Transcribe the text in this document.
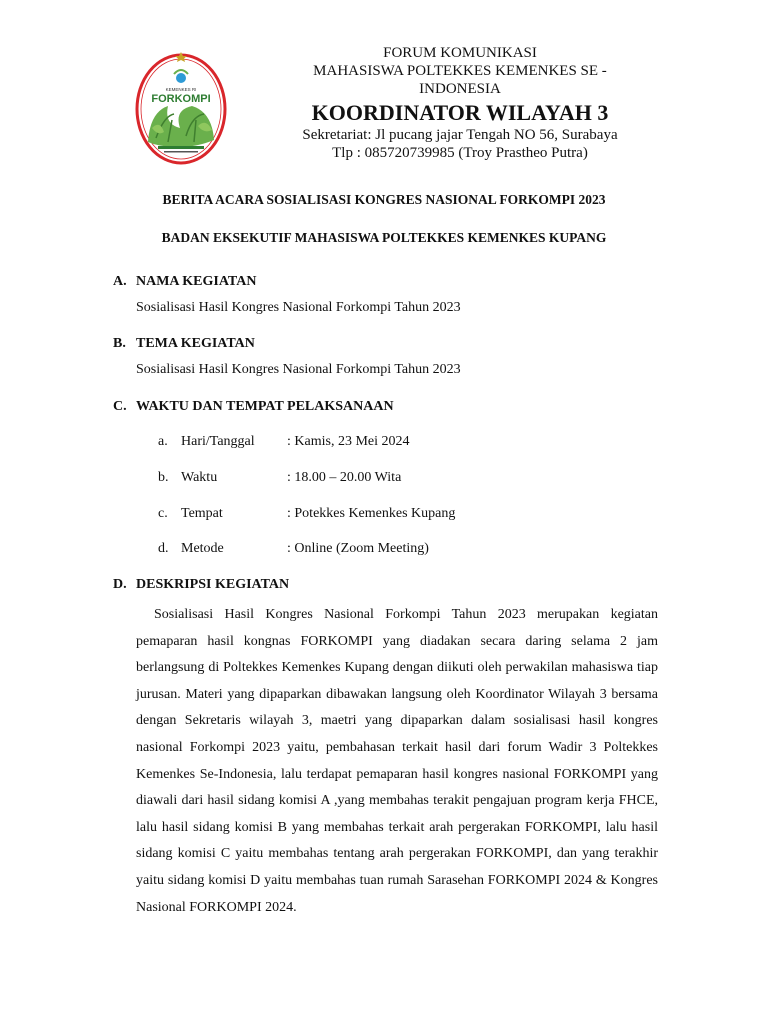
KEMENKES RI
FORKOMPI
FORUM KOMUNIKASI
MAHASISWA POLTEKKES KEMENKES SE -
INDONESIA
KOORDINATOR WILAYAH 3
Sekretariat: Jl pucang jajar Tengah NO 56, Surabaya
Tlp : 085720739985 (Troy Prastheo Putra)
BERITA ACARA SOSIALISASI KONGRES NASIONAL FORKOMPI 2023
BADAN EKSEKUTIF MAHASISWA POLTEKKES KEMENKES KUPANG
A. NAMA KEGIATAN
Sosialisasi Hasil Kongres Nasional Forkompi Tahun 2023
B. TEMA KEGIATAN
Sosialisasi Hasil Kongres Nasional Forkompi Tahun 2023
C. WAKTU DAN TEMPAT PELAKSANAAN
a. Hari/Tanggal : Kamis, 23 Mei 2024
b. Waktu	: 18.00 – 20.00 Wita
c. Tempat	: Potekkes Kemenkes Kupang
d. Metode	: Online (Zoom Meeting)
D. DESKRIPSI KEGIATAN

Sosialisasi Hasil Kongres Nasional Forkompi Tahun 2023 merupakan kegiatan pemaparan hasil kongnas FORKOMPI yang diadakan secara daring selama 2 jam berlangsung di Poltekkes Kemenkes Kupang dengan diikuti oleh perwakilan mahasiswa tiap jurusan. Materi yang dipaparkan dibawakan langsung oleh Koordinator Wilayah 3 bersama dengan Sekretaris wilayah 3, maetri yang dipaparkan dalam sosialisasi hasil kongres nasional Forkompi 2023 yaitu, pembahasan terkait hasil dari forum Wadir 3 Poltekkes Kemenkes Se-Indonesia, lalu terdapat pemaparan hasil kongres nasional FORKOMPI yang diawali dari hasil sidang komisi A ,yang membahas terakit pengajuan program kerja FHCE, lalu hasil sidang komisi B yang membahas terkait arah pergerakan FORKOMPI, lalu hasil sidang komisi C yaitu membahas tentang arah pergerakan FORKOMPI, dan yang terakhir yaitu sidang komisi D yaitu membahas tuan rumah Sarasehan FORKOMPI 2024 & Kongres Nasional FORKOMPI 2024.
